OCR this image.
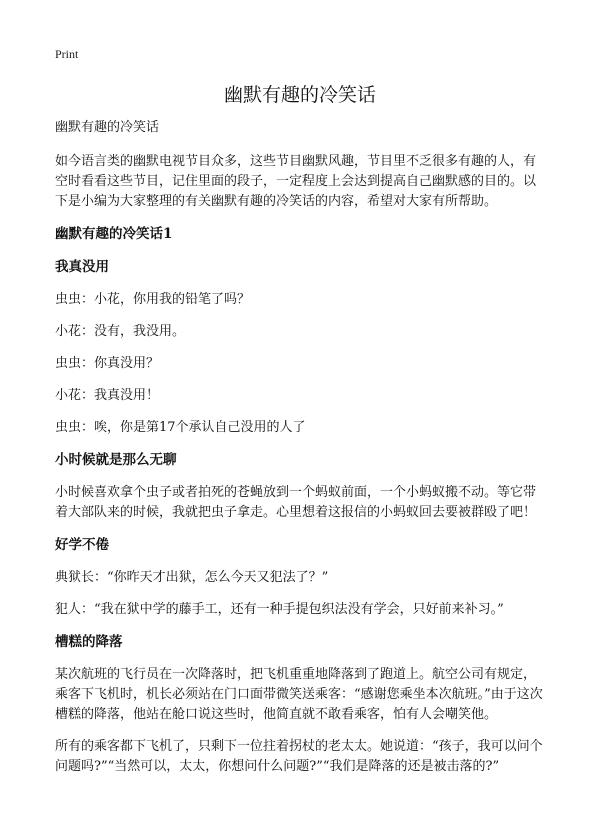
Print
幽默有趣的冷笑话

幽默有趣的冷笑话

如今语言类的幽默电视节目众多，这些节目幽默风趣，节目里不乏很多有趣的人，有空时看看这些节目，记住里面的段子，一定程度上会达到提高自己幽默感的目的。以下是小编为大家整理的有关幽默有趣的冷笑话的内容，希望对大家有所帮助。

幽默有趣的冷笑话1
我真没用

虫虫：小花，你用我的铅笔了吗？

小花：没有，我没用。

虫虫：你真没用？

小花：我真没用！

虫虫：唉，你是第17个承认自己没用的人了

小时候就是那么无聊

小时候喜欢拿个虫子或者拍死的苍蝇放到一个蚂蚁前面，一个小蚂蚁搬不动。等它带着大部队来的时候，我就把虫子拿走。心里想着这报信的小蚂蚁回去要被群殴了吧！

好学不倦

典狱长：“你昨天才出狱，怎么今天又犯法了？”

犯人：“我在狱中学的藤手工，还有一种手提包织法没有学会，只好前来补习。”

槽糕的降落

某次航班的飞行员在一次降落时，把飞机重重地降落到了跑道上。航空公司有规定，乘客下飞机时，机长必须站在门口面带微笑送乘客：“感谢您乘坐本次航班。”由于这次槽糕的降落，他站在舱口说这些时，他简直就不敢看乘客，怕有人会嘲笑他。

所有的乘客都下飞机了，只剩下一位拄着拐杖的老太太。她说道：“孩子，我可以问个问题吗?”“当然可以，太太，你想问什么问题?”“我们是降落的还是被击落的?”
